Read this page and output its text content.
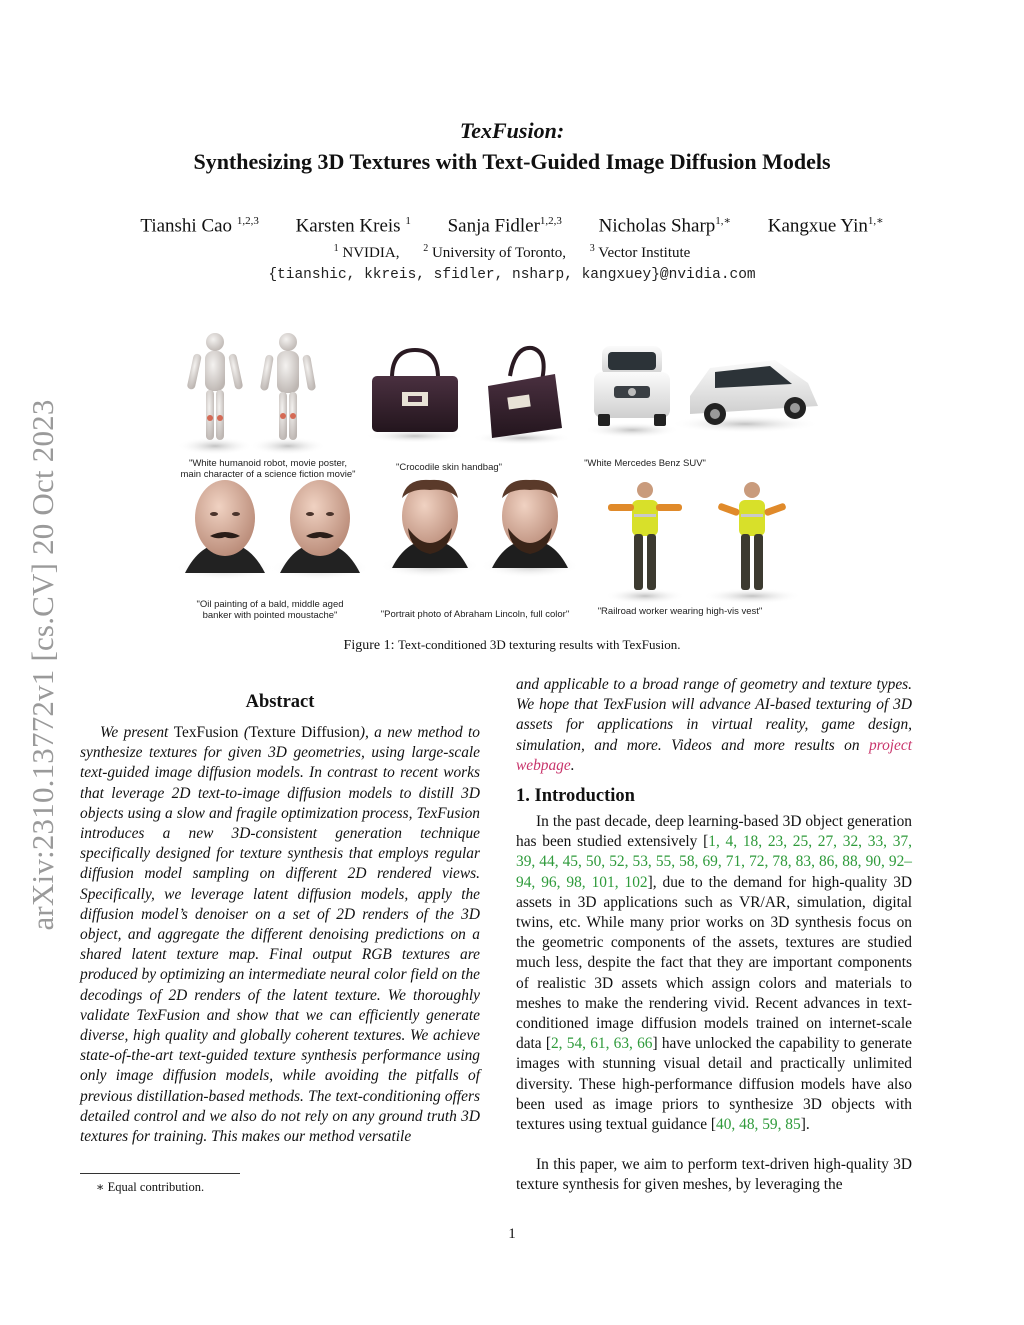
arXiv:2310.13772v1 [cs.CV] 20 Oct 2023
TexFusion:
Synthesizing 3D Textures with Text-Guided Image Diffusion Models
Tianshi Cao $^{1,2,3}$ Karsten Kreis $^1$ Sanja Fidler$^{1,2,3}$ Nicholas Sharp$^{1,∗}$ Kangxue Yin$^{1,∗}$
$^1$ NVIDIA, $^2$ University of Toronto, $^3$ Vector Institute
{tianshic, kkreis, sfidler, nsharp, kangxuey}@nvidia.com
"White humanoid robot, movie poster, main character of a science fiction movie"
"Crocodile skin handbag"	"White Mercedes Benz SUV"
"Oil painting of a bald, middle aged banker with pointed moustache"	"Portrait photo of Abraham Lincoln, full color"	"Railroad worker wearing high-vis vest"
Figure 1: Text-conditioned 3D texturing results with TexFusion.
Abstract
We present TexFusion (Texture Diffusion), a new method to synthesize textures for given 3D geometries, using large-scale text-guided image diffusion models. In contrast to recent works that leverage 2D text-to-image diffusion models to distill 3D objects using a slow and fragile optimization process, TexFusion introduces a new 3D-consistent generation technique specifically designed for texture synthesis that employs regular diffusion model sampling on different 2D rendered views. Specifically, we leverage latent diffusion models, apply the diffusion model’s denoiser on a set of 2D renders of the 3D object, and aggregate the different denoising predictions on a shared latent texture map. Final output RGB textures are produced by optimizing an intermediate neural color field on the decodings of 2D renders of the latent texture. We thoroughly validate TexFusion and show that we can efficiently generate diverse, high quality and globally coherent textures. We achieve state-of-the-art text-guided texture synthesis performance using only image diffusion models, while avoiding the pitfalls of previous distillation-based methods. The text-conditioning offers detailed control and we also do not rely on any ground truth 3D textures for training. This makes our method versatile
∗ Equal contribution.
and applicable to a broad range of geometry and texture types. We hope that TexFusion will advance AI-based texturing of 3D assets for applications in virtual reality, game design, simulation, and more. Videos and more results on project webpage.
1. Introduction
In the past decade, deep learning-based 3D object generation has been studied extensively [1, 4, 18, 23, 25, 27, 32, 33, 37, 39, 44, 45, 50, 52, 53, 55, 58, 69, 71, 72, 78, 83, 86, 88, 90, 92–94, 96, 98, 101, 102], due to the demand for high-quality 3D assets in 3D applications such as VR/AR, simulation, digital twins, etc. While many prior works on 3D synthesis focus on the geometric components of the assets, textures are studied much less, despite the fact that they are important components of realistic 3D assets which assign colors and materials to meshes to make the rendering vivid. Recent advances in text-conditioned image diffusion models trained on internet-scale data [2, 54, 61, 63, 66] have unlocked the capability to generate images with stunning visual detail and practically unlimited diversity. These high-performance diffusion models have also been used as image priors to synthesize 3D objects with textures using textual guidance [40, 48, 59, 85].
In this paper, we aim to perform text-driven high-quality 3D texture synthesis for given meshes, by leveraging the
1
